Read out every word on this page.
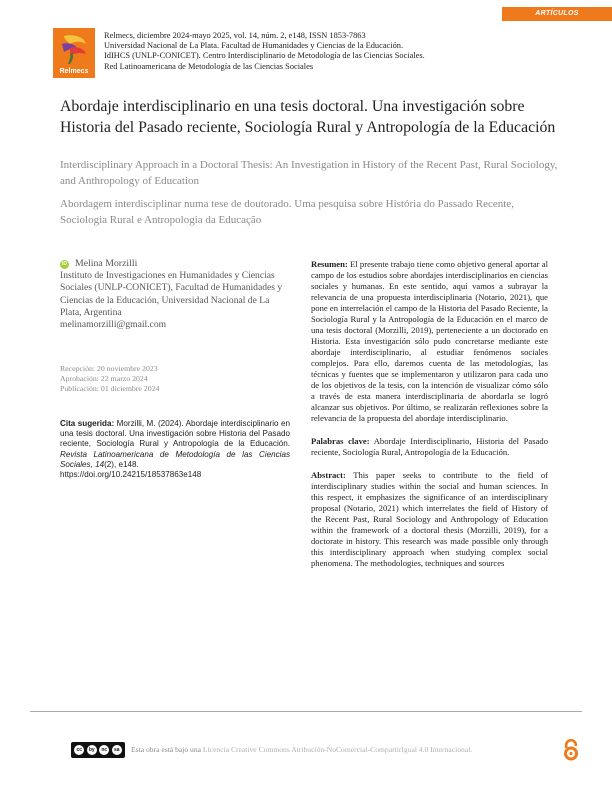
ARTÍCULOS
Relmecs
Relmecs, diciembre 2024-mayo 2025, vol. 14, núm. 2, e148, ISSN 1853-7863
Universidad Nacional de La Plata. Facultad de Humanidades y Ciencias de la Educación.
IdIHCS (UNLP-CONICET). Centro Interdisciplinario de Metodología de las Ciencias Sociales.
Red Latinoamericana de Metodología de las Ciencias Sociales
Abordaje interdisciplinario en una tesis doctoral. Una investigación sobre Historia del Pasado reciente, Sociología Rural y Antropología de la Educación
Interdisciplinary Approach in a Doctoral Thesis: An Investigation in History of the Recent Past, Rural Sociology, and Anthropology of Education
Abordagem interdisciplinar numa tese de doutorado. Uma pesquisa sobre História do Passado Recente, Sociologia Rural e Antropologia da Educação
iD Melina Morzilli
Instituto de Investigaciones en Humanidades y Ciencias Sociales (UNLP-CONICET), Facultad de Humanidades y Ciencias de la Educación, Universidad Nacional de La Plata, Argentina
melinamorzilli@gmail.com
Recepción: 20 noviembre 2023
Aprobación: 22 marzo 2024
Publicación: 01 diciembre 2024
Cita sugerida: Morzilli, M. (2024). Abordaje interdisciplinario en una tesis doctoral. Una investigación sobre Historia del Pasado reciente, Sociología Rural y Antropología de la Educación. Revista Latinoamericana de Metodología de las Ciencias Sociales, 14(2), e148.
https://doi.org/10.24215/18537863e148

Resumen: El presente trabajo tiene como objetivo general aportar al campo de los estudios sobre abordajes interdisciplinarios en ciencias sociales y humanas. En este sentido, aquí vamos a subrayar la relevancia de una propuesta interdisciplinaria (Notario, 2021), que pone en interrelación el campo de la Historia del Pasado Reciente, la Sociología Rural y la Antropología de la Educación en el marco de una tesis doctoral (Morzilli, 2019), perteneciente a un doctorado en Historia. Esta investigación sólo pudo concretarse mediante este abordaje interdisciplinario, al estudiar fenómenos sociales complejos. Para ello, daremos cuenta de las metodologías, las técnicas y fuentes que se implementaron y utilizaron para cada uno de los objetivos de la tesis, con la intención de visualizar cómo sólo a través de esta manera interdisciplinaria de abordarla se logró alcanzar sus objetivos. Por último, se realizarán reflexiones sobre la relevancia de la propuesta del abordaje interdisciplinario.

Palabras clave: Abordaje Interdisciplinario, Historia del Pasado reciente, Sociología Rural, Antropología de la Educación.

Abstract: This paper seeks to contribute to the field of interdisciplinary studies within the social and human sciences. In this respect, it emphasizes the significance of an interdisciplinary proposal (Notario, 2021) which interrelates the field of History of the Recent Past, Rural Sociology and Anthropology of Education within the framework of a doctoral thesis (Morzilli, 2019), for a doctorate in history. This research was made possible only through this interdisciplinary approach when studying complex social phenomena. The methodologies, techniques and sources

cc	by	nc	sa Esta obra está bajo una Licencia Creative Commons Atribución-NoComercial-CompartirIgual 4.0 Internacional.
